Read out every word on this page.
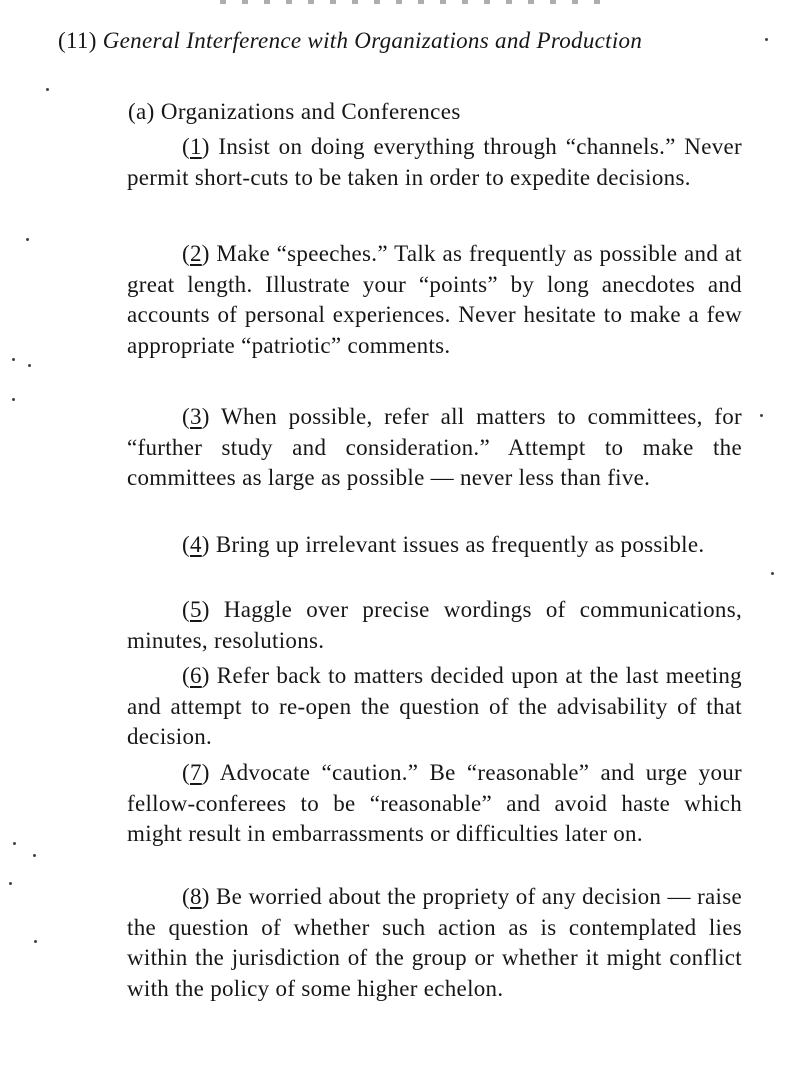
(11) General Interference with Organizations and Production
(a) Organizations and Conferences

(1) Insist on doing everything through “channels.” Never permit short-cuts to be taken in order to expedite decisions.

(2) Make “speeches.” Talk as frequently as possible and at great length. Illustrate your “points” by long anecdotes and accounts of personal experiences. Never hesitate to make a few appropriate “patriotic” comments.

(3) When possible, refer all matters to committees, for “further study and consideration.” Attempt to make the committees as large as possible — never less than five.

(4) Bring up irrelevant issues as frequently as possible.

(5) Haggle over precise wordings of communications, minutes, resolutions.

(6) Refer back to matters decided upon at the last meeting and attempt to re-open the question of the advisability of that decision.

(7) Advocate “caution.” Be “reasonable” and urge your fellow-conferees to be “reasonable” and avoid haste which might result in embarrassments or difficulties later on.

(8) Be worried about the propriety of any decision — raise the question of whether such action as is contemplated lies within the jurisdiction of the group or whether it might conflict with the policy of some higher echelon.
